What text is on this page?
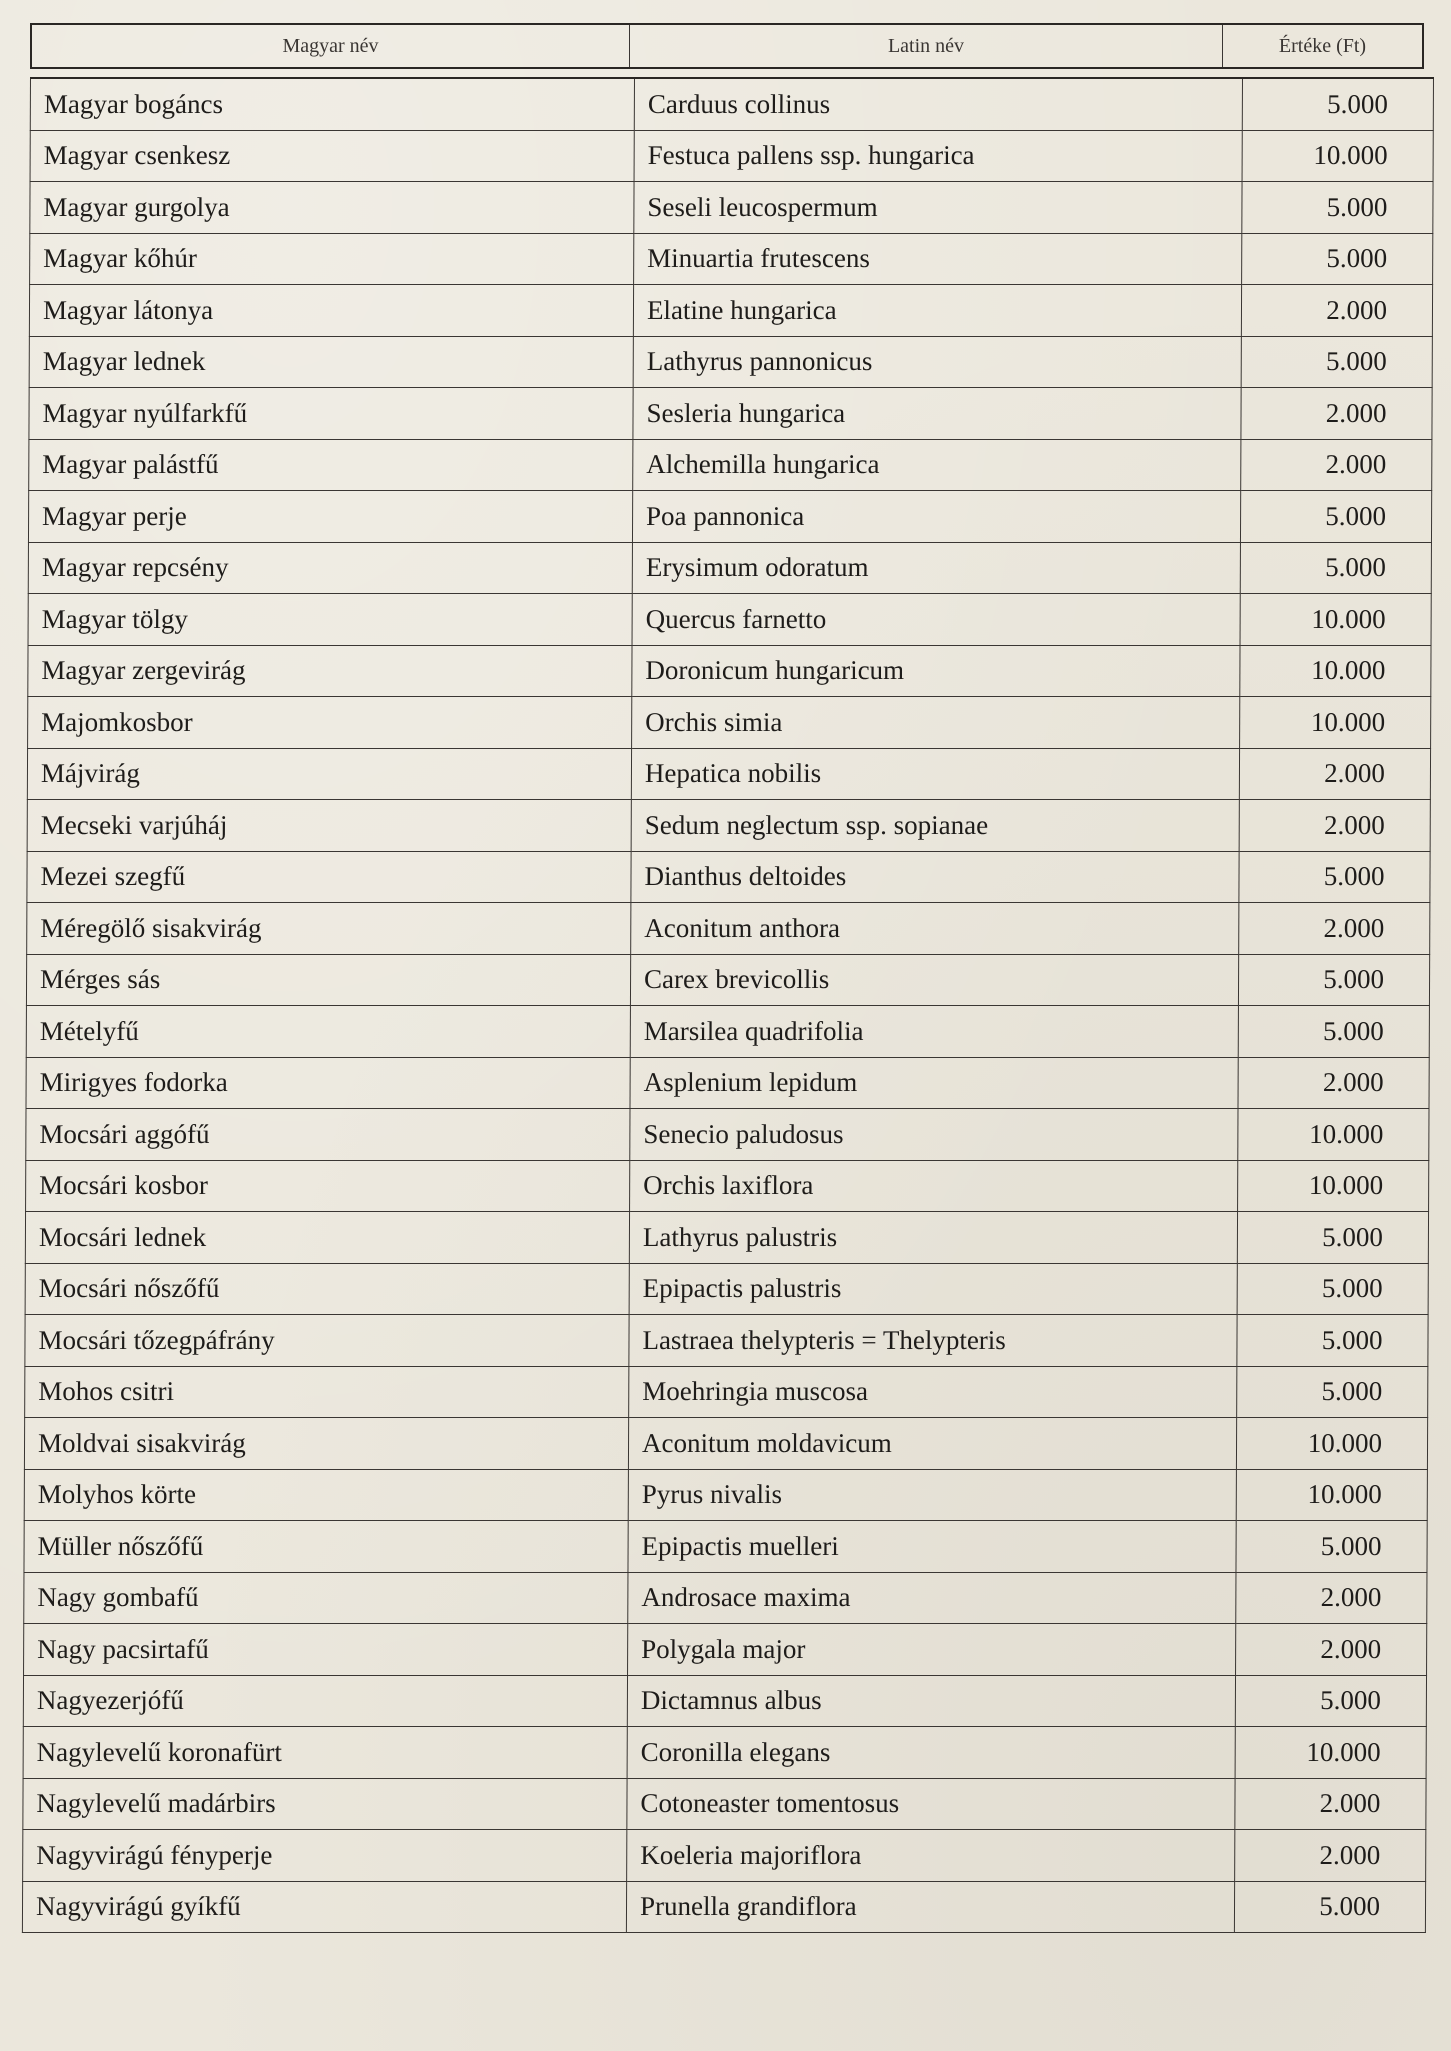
Magyar név	Latin név	Értéke (Ft)
Magyar bogáncs	Carduus collinus	5.000
Magyar csenkesz	Festuca pallens ssp. hungarica	10.000
Magyar gurgolya	Seseli leucospermum	5.000
Magyar kőhúr	Minuartia frutescens	5.000
Magyar látonya	Elatine hungarica	2.000
Magyar lednek	Lathyrus pannonicus	5.000
Magyar nyúlfarkfű	Sesleria hungarica	2.000
Magyar palástfű	Alchemilla hungarica	2.000
Magyar perje	Poa pannonica	5.000
Magyar repcsény	Erysimum odoratum	5.000
Magyar tölgy	Quercus farnetto	10.000
Magyar zergevirág	Doronicum hungaricum	10.000
Majomkosbor	Orchis simia	10.000
Májvirág	Hepatica nobilis	2.000
Mecseki varjúháj	Sedum neglectum ssp. sopianae	2.000
Mezei szegfű	Dianthus deltoides	5.000
Méregölő sisakvirág	Aconitum anthora	2.000
Mérges sás	Carex brevicollis	5.000
Mételyfű	Marsilea quadrifolia	5.000
Mirigyes fodorka	Asplenium lepidum	2.000
Mocsári aggófű	Senecio paludosus	10.000
Mocsári kosbor	Orchis laxiflora	10.000
Mocsári lednek	Lathyrus palustris	5.000
Mocsári nőszőfű	Epipactis palustris	5.000
Mocsári tőzegpáfrány	Lastraea thelypteris = Thelypteris	5.000
Mohos csitri	Moehringia muscosa	5.000
Moldvai sisakvirág	Aconitum moldavicum	10.000
Molyhos körte	Pyrus nivalis	10.000
Müller nőszőfű	Epipactis muelleri	5.000
Nagy gombafű	Androsace maxima	2.000
Nagy pacsirtafű	Polygala major	2.000
Nagyezerjófű	Dictamnus albus	5.000
Nagylevelű koronafürt	Coronilla elegans	10.000
Nagylevelű madárbirs	Cotoneaster tomentosus	2.000
Nagyvirágú fényperje	Koeleria majoriflora	2.000
Nagyvirágú gyíkfű	Prunella grandiflora	5.000
